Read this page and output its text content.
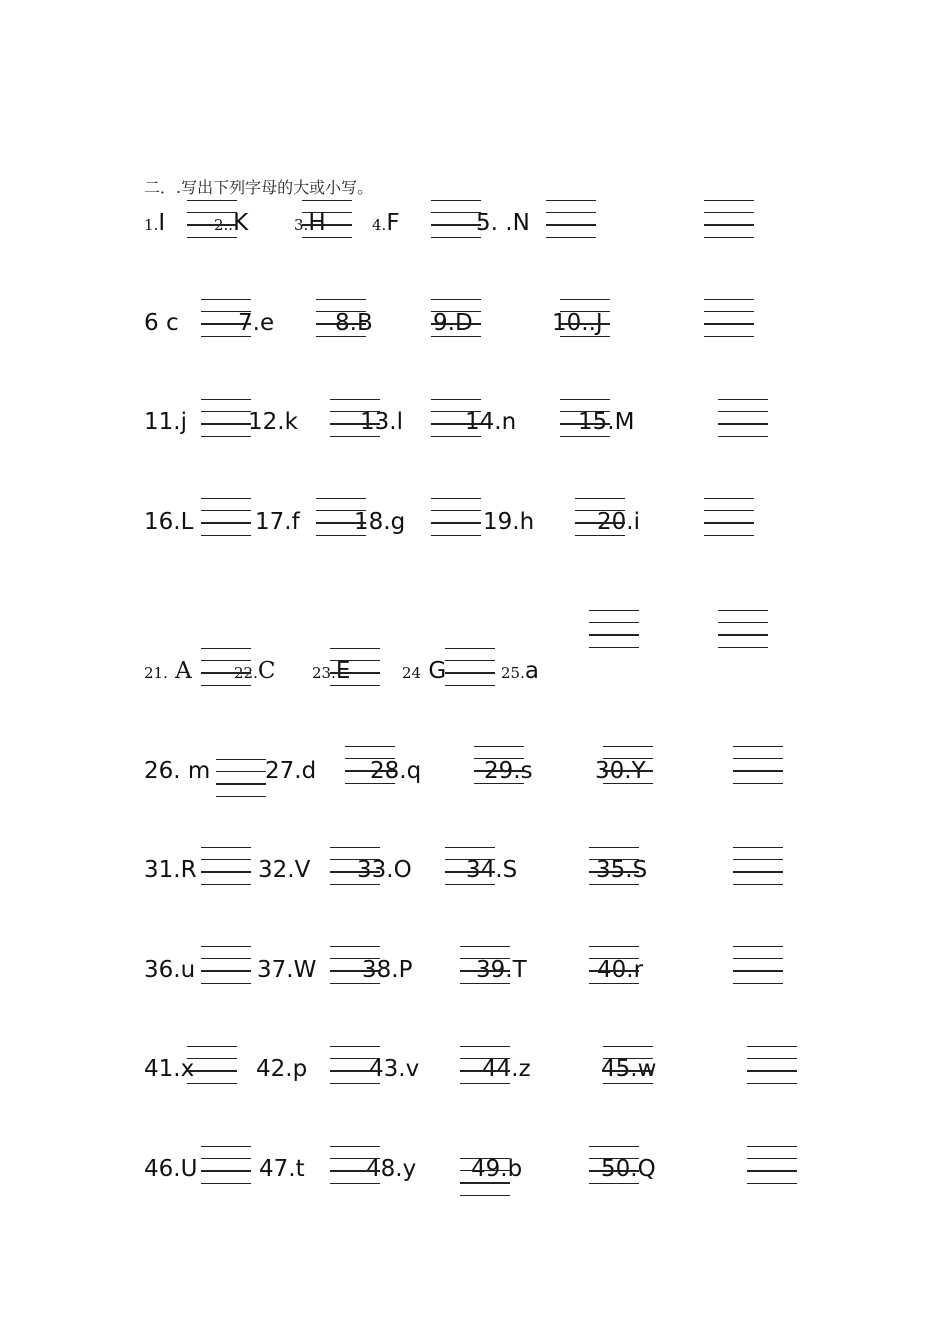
二．.写出下列字母的大或小写。
1.I	2..K	3.H	4.F	5. .N
6 c	7.e	8.B	9.D	10..J
11.j	12.k	13.l	14.n	15.M
16.L	17.f 18.g	19.h	20.i
21. A	22.C 23.E	24 G	25.a
26. m 27.d 28.q	29.s	30.Y
31.R	32.V 33.O 34.S	35.S
36.u	37.W 38.P	39.T	40.r
41.x	42.p	43.v	44.z	45.w
46.U	47.t	48.y 49.b	50.Q
